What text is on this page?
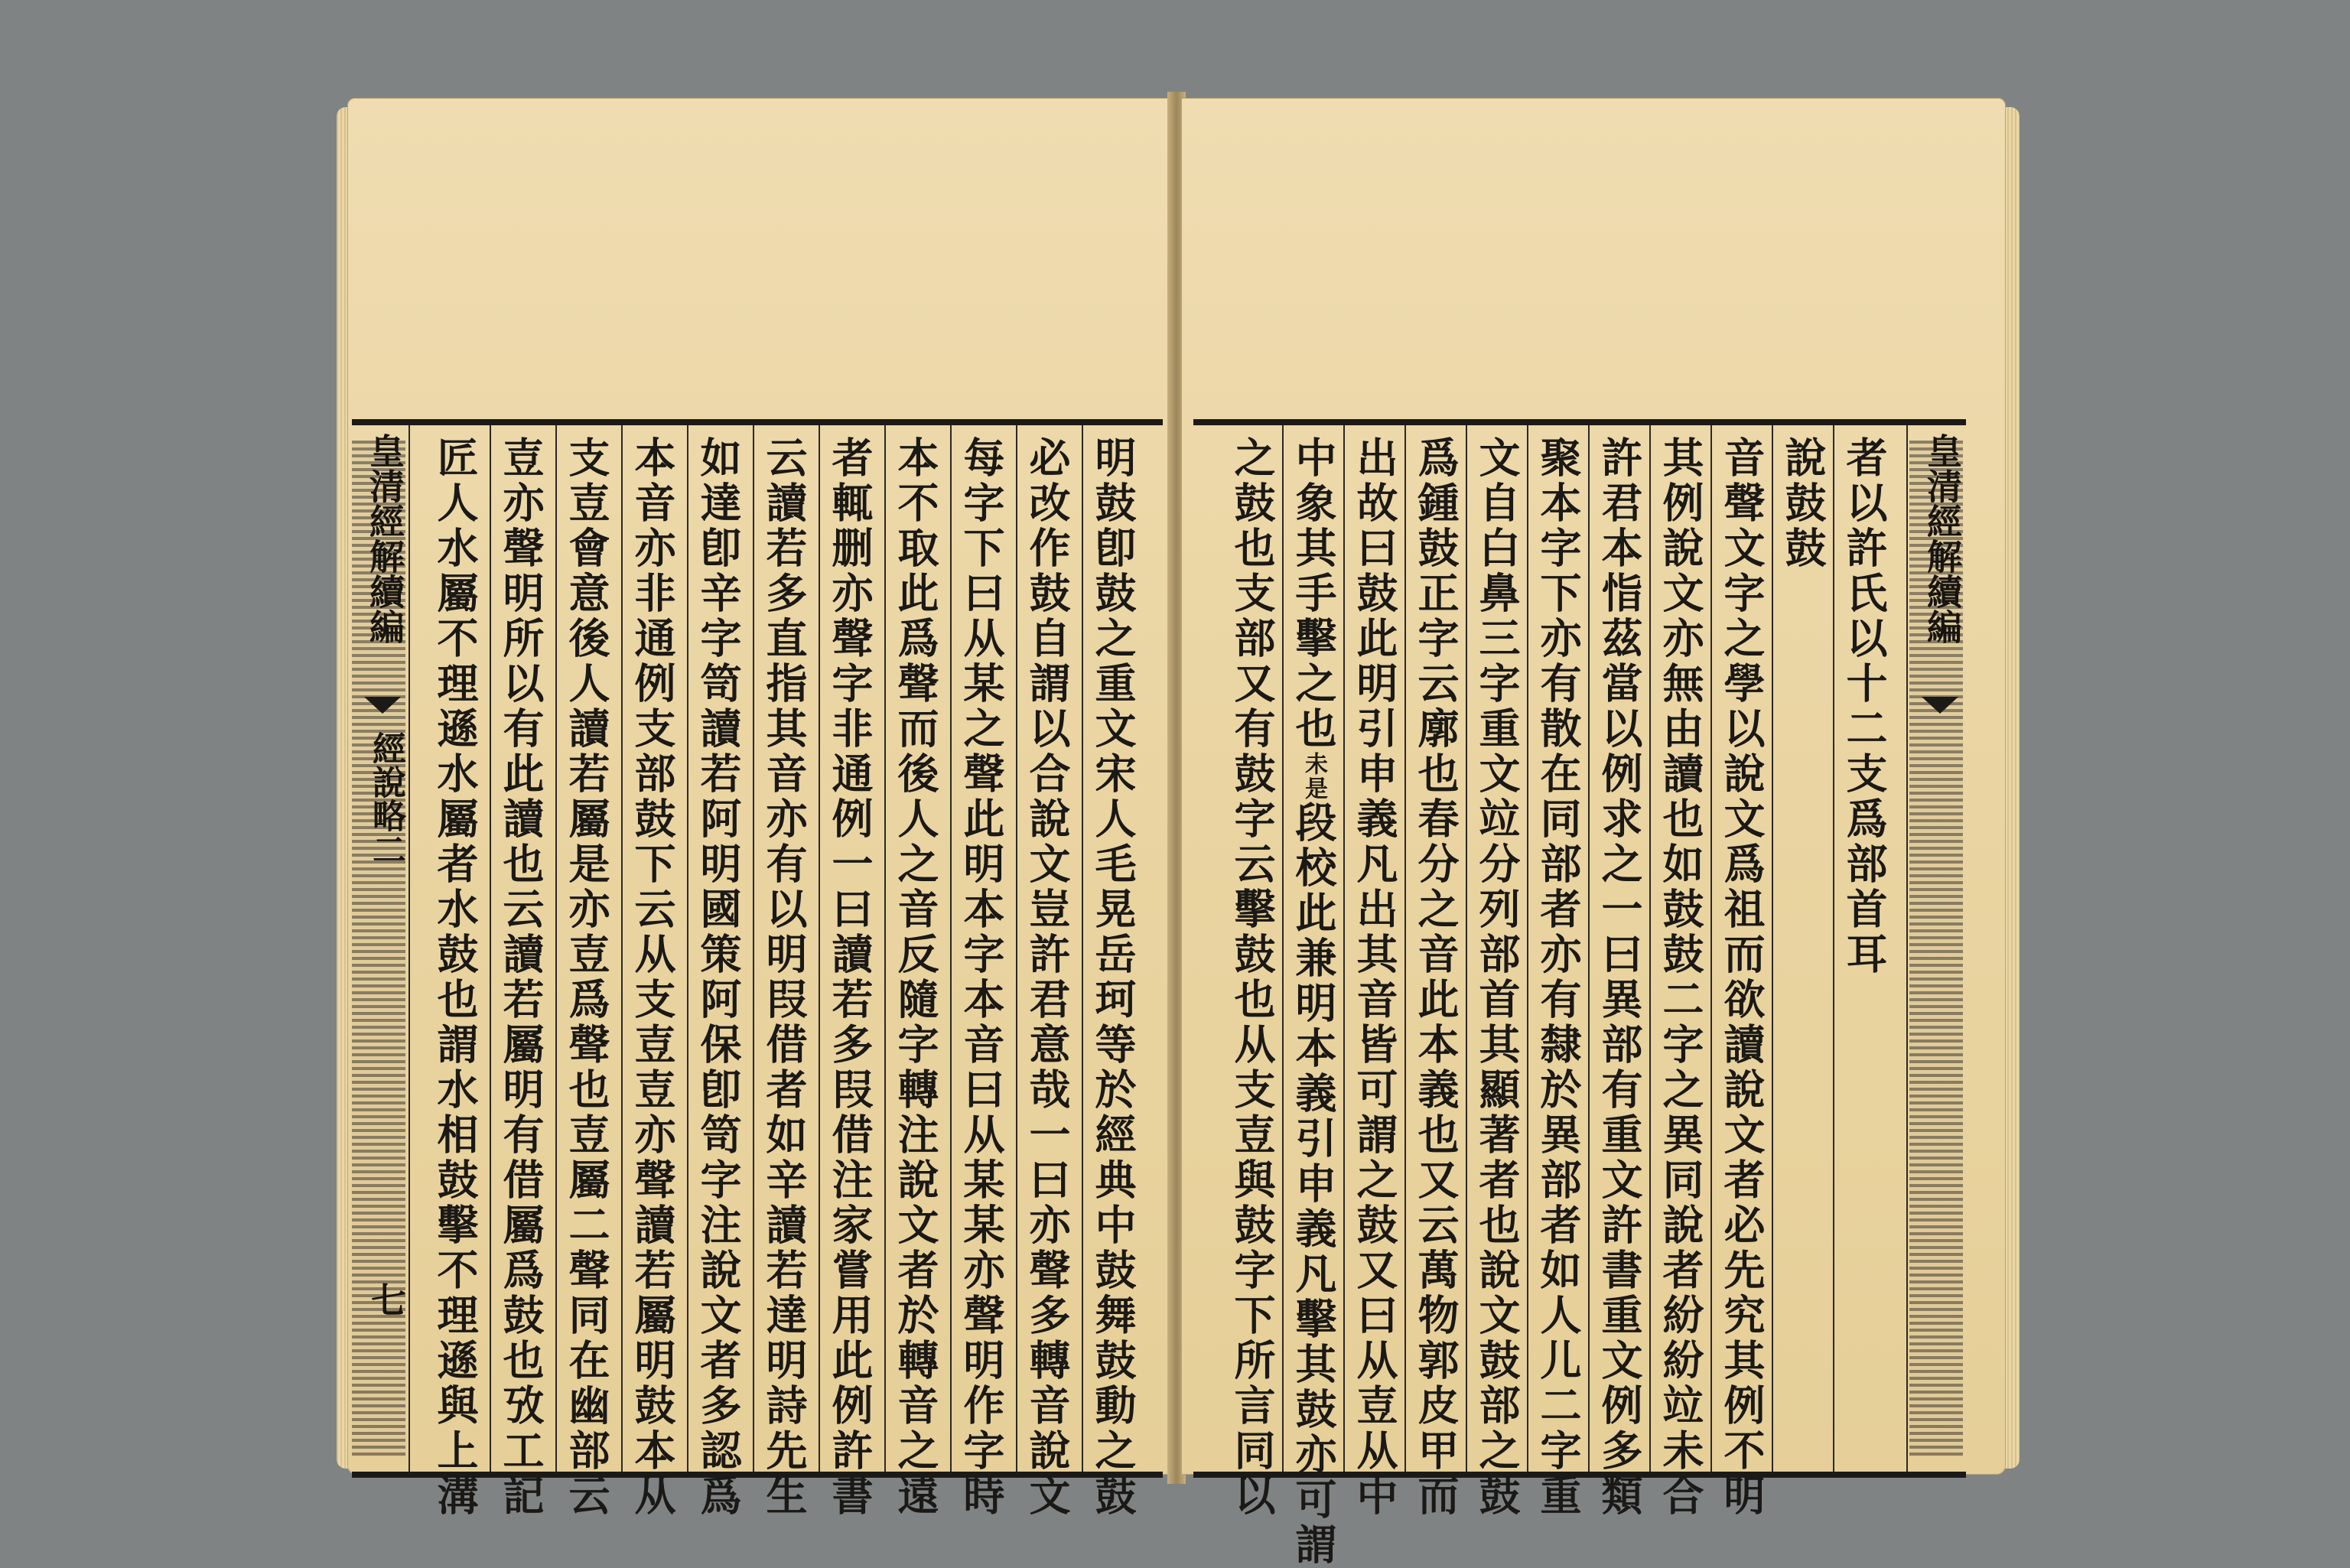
皇清經解續編
經說略二
七	明鼓卽鼓之重文宋人毛晃岳珂等於經典中鼓舞鼓動之鼓
必改作鼓自謂以合說文豈許君意哉一曰亦聲多轉音說文
每字下曰从某之聲此明本字本音曰从某某亦聲明作字時
本不取此爲聲而後人之音反隨字轉注說文者於轉音之遠
者輒删亦聲字非通例一曰讀若多叚借注家嘗用此例許書
云讀若多直指其音亦有以明叚借者如辛讀若達明詩先生
如達卽辛字笥讀若阿明國策阿保卽笥字注說文者多認爲
本音亦非通例支部鼓下云从支壴壴亦聲讀若屬明鼓本从
支壴會意後人讀若屬是亦壴爲聲也壴屬二聲同在幽部云
壴亦聲明所以有此讀也云讀若屬明有借屬爲鼓也攷工記
匠人水屬不理遜水屬者水鼓也謂水相鼓擊不理遜與上溝	皇清經解續編
者以許氏以十二支爲部首耳
說鼓鼓
音聲文字之學以說文爲祖而欲讀說文者必先究其例不明
其例說文亦無由讀也如鼓鼓二字之異同說者紛紛竝未合
許君本恉茲當以例求之一曰異部有重文許書重文例多類
聚本字下亦有散在同部者亦有隸於異部者如人儿二字重
文自白鼻三字重文竝分列部首其顯著者也說文鼓部之鼓
爲鍾鼓正字云廓也春分之音此本義也又云萬物郭皮甲而
出故曰鼓此明引申義凡出其音皆可謂之鼓又曰从壴从中
中象其手擊之也未是段校此兼明本義引申義凡擊其鼓亦可謂
之鼓也支部又有鼓字云擊鼓也从支壴與鼓字下所言同以
